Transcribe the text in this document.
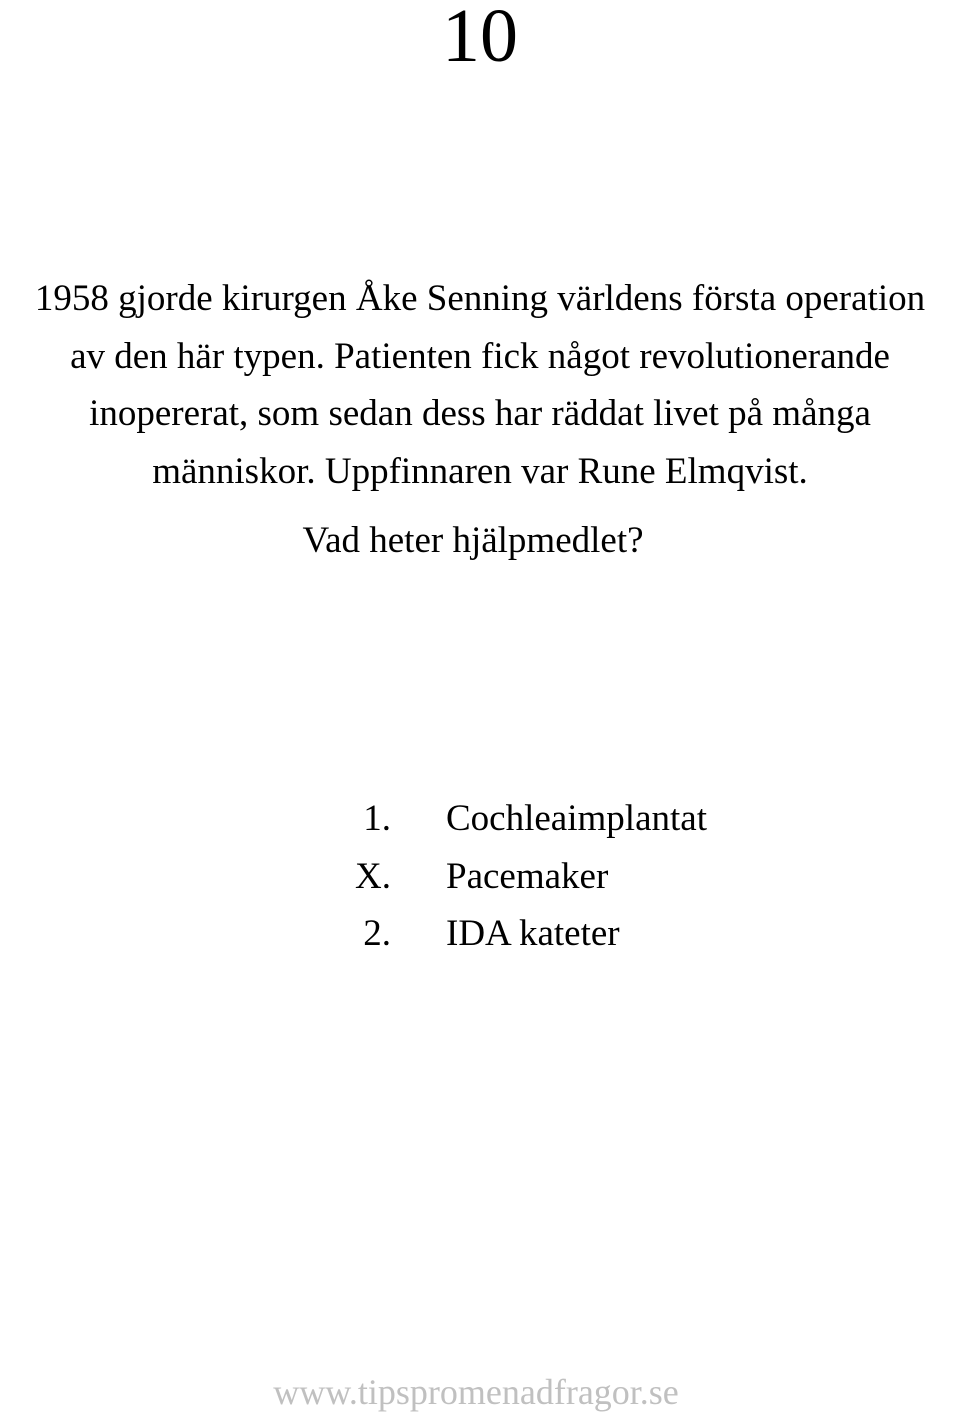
10
1958 gjorde kirurgen Åke Senning världens första operation
av den här typen. Patienten fick något revolutionerande
inopererat, som sedan dess har räddat livet på många
människor. Uppfinnaren var Rune Elmqvist.
Vad heter hjälpmedlet?
1. Cochleaimplantat
X. Pacemaker
2. IDA kateter
www.tipspromenadfragor.se
